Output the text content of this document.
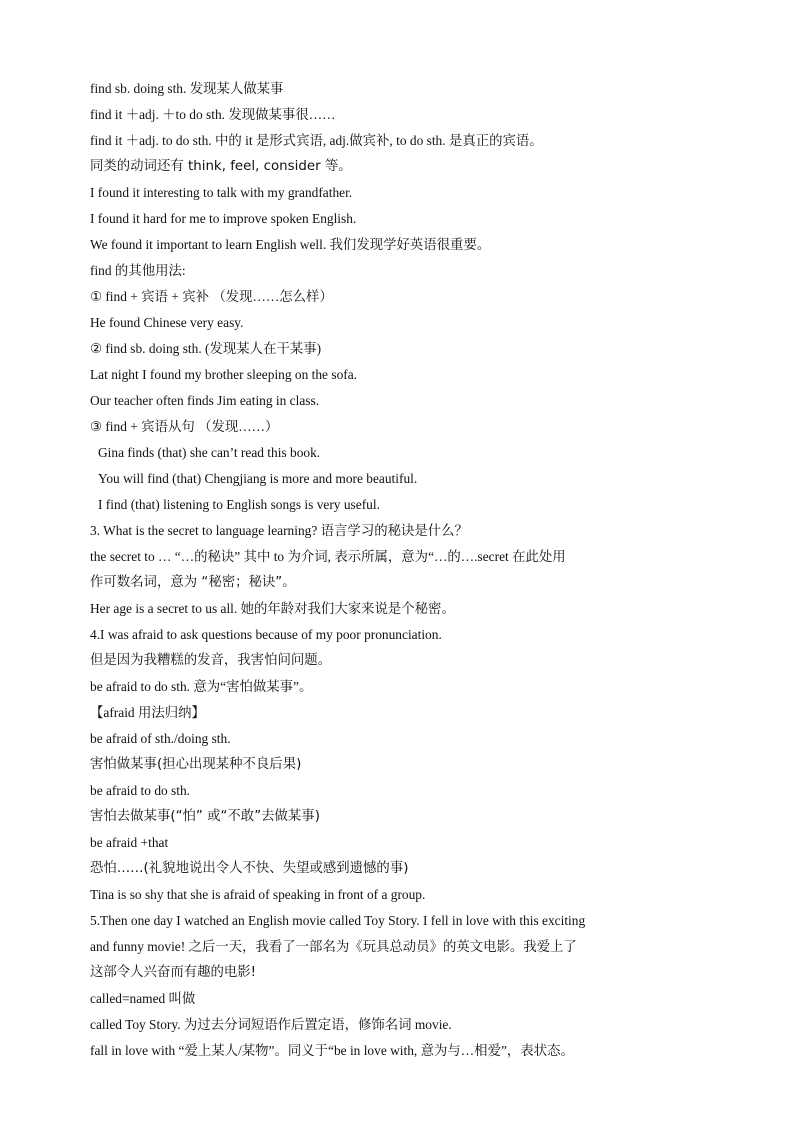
find sb. doing sth. 发现某人做某事
find it ＋adj. ＋to do sth. 发现做某事很……
find it ＋adj. to do sth. 中的 it 是形式宾语, adj.做宾补, to do sth. 是真正的宾语。
同类的动词还有 think, feel, consider 等。
I found it interesting to talk with my grandfather.
I found it hard for me to improve spoken English.
We found it important to learn English well. 我们发现学好英语很重要。
find 的其他用法:
① find + 宾语 + 宾补 （发现……怎么样）
He found Chinese very easy.
② find sb. doing sth. (发现某人在干某事)
Lat night I found my brother sleeping on the sofa.
Our teacher often finds Jim eating in class.
③ find + 宾语从句 （发现……）
Gina finds (that) she can’t read this book.
You will find (that) Chengjiang is more and more beautiful.
I find (that) listening to English songs is very useful.
3. What is the secret to language learning? 语言学习的秘诀是什么？
the secret to … “…的秘诀” 其中 to 为介词, 表示所属，意为“…的….secret 在此处用
作可数名词，意为 “秘密；秘诀”。
Her age is a secret to us all. 她的年龄对我们大家来说是个秘密。
4.I was afraid to ask questions because of my poor pronunciation.
但是因为我糟糕的发音，我害怕问问题。
be afraid to do sth. 意为“害怕做某事”。
【afraid 用法归纳】
be afraid of sth./doing sth.
害怕做某事(担心出现某种不良后果)
be afraid to do sth.
害怕去做某事(“怕” 或“不敢”去做某事)
be afraid +that
恐怕……(礼貌地说出令人不快、失望或感到遗憾的事)
Tina is so shy that she is afraid of speaking in front of a group.
5.Then one day I watched an English movie called Toy Story. I fell in love with this exciting
and funny movie! 之后一天，我看了一部名为《玩具总动员》的英文电影。我爱上了
这部令人兴奋而有趣的电影!
called=named 叫做
called Toy Story. 为过去分词短语作后置定语，修饰名词 movie.
fall in love with “爱上某人/某物”。同义于“be in love with, 意为与…相爱”，表状态。
